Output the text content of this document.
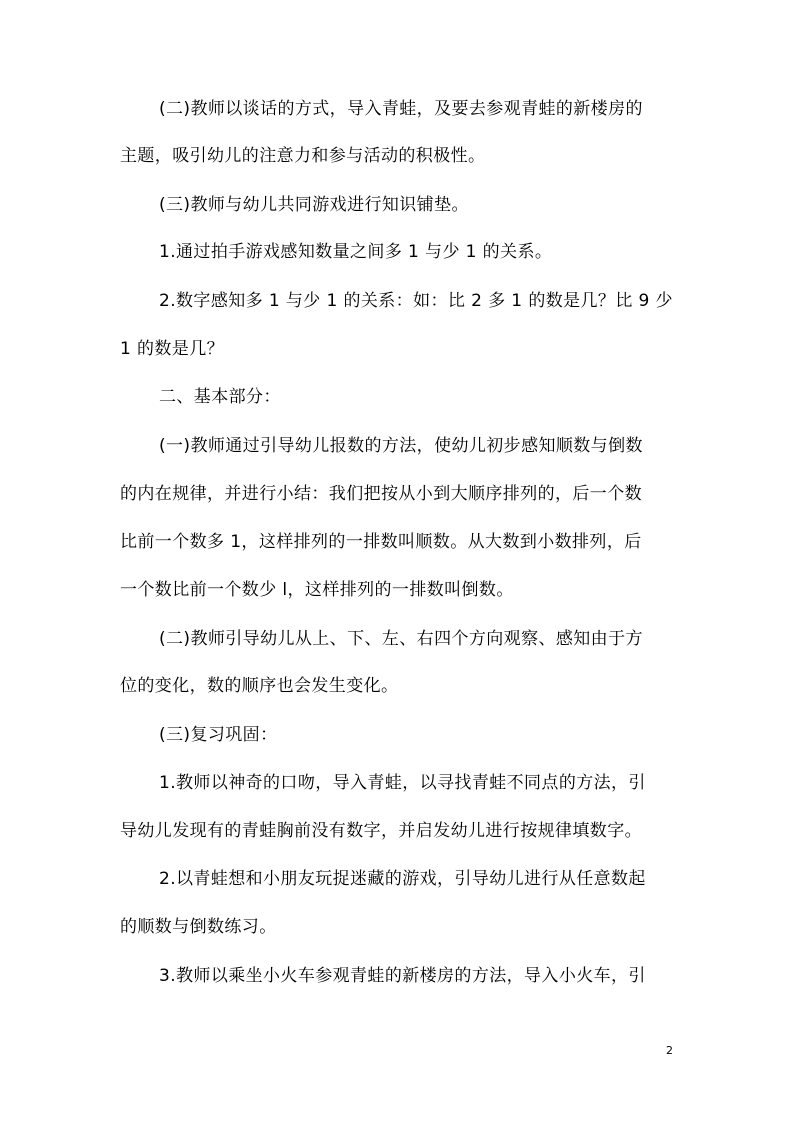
(二)教师以谈话的方式，导入青蛙，及要去参观青蛙的新楼房的
主题，吸引幼儿的注意力和参与活动的积极性。
(三)教师与幼儿共同游戏进行知识铺垫。
1.通过拍手游戏感知数量之间多 1 与少 1 的关系。
2.数字感知多 1 与少 1 的关系：如：比 2 多 1 的数是几？比 9 少
1 的数是几？
二、基本部分：
(一)教师通过引导幼儿报数的方法，使幼儿初步感知顺数与倒数
的内在规律，并进行小结：我们把按从小到大顺序排列的，后一个数
比前一个数多 1，这样排列的一排数叫顺数。从大数到小数排列，后
一个数比前一个数少 l，这样排列的一排数叫倒数。
(二)教师引导幼儿从上、下、左、右四个方向观察、感知由于方
位的变化，数的顺序也会发生变化。
(三)复习巩固：
1.教师以神奇的口吻，导入青蛙，以寻找青蛙不同点的方法，引
导幼儿发现有的青蛙胸前没有数字，并启发幼儿进行按规律填数字。
2.以青蛙想和小朋友玩捉迷藏的游戏，引导幼儿进行从任意数起
的顺数与倒数练习。
3.教师以乘坐小火车参观青蛙的新楼房的方法，导入小火车，引
2
